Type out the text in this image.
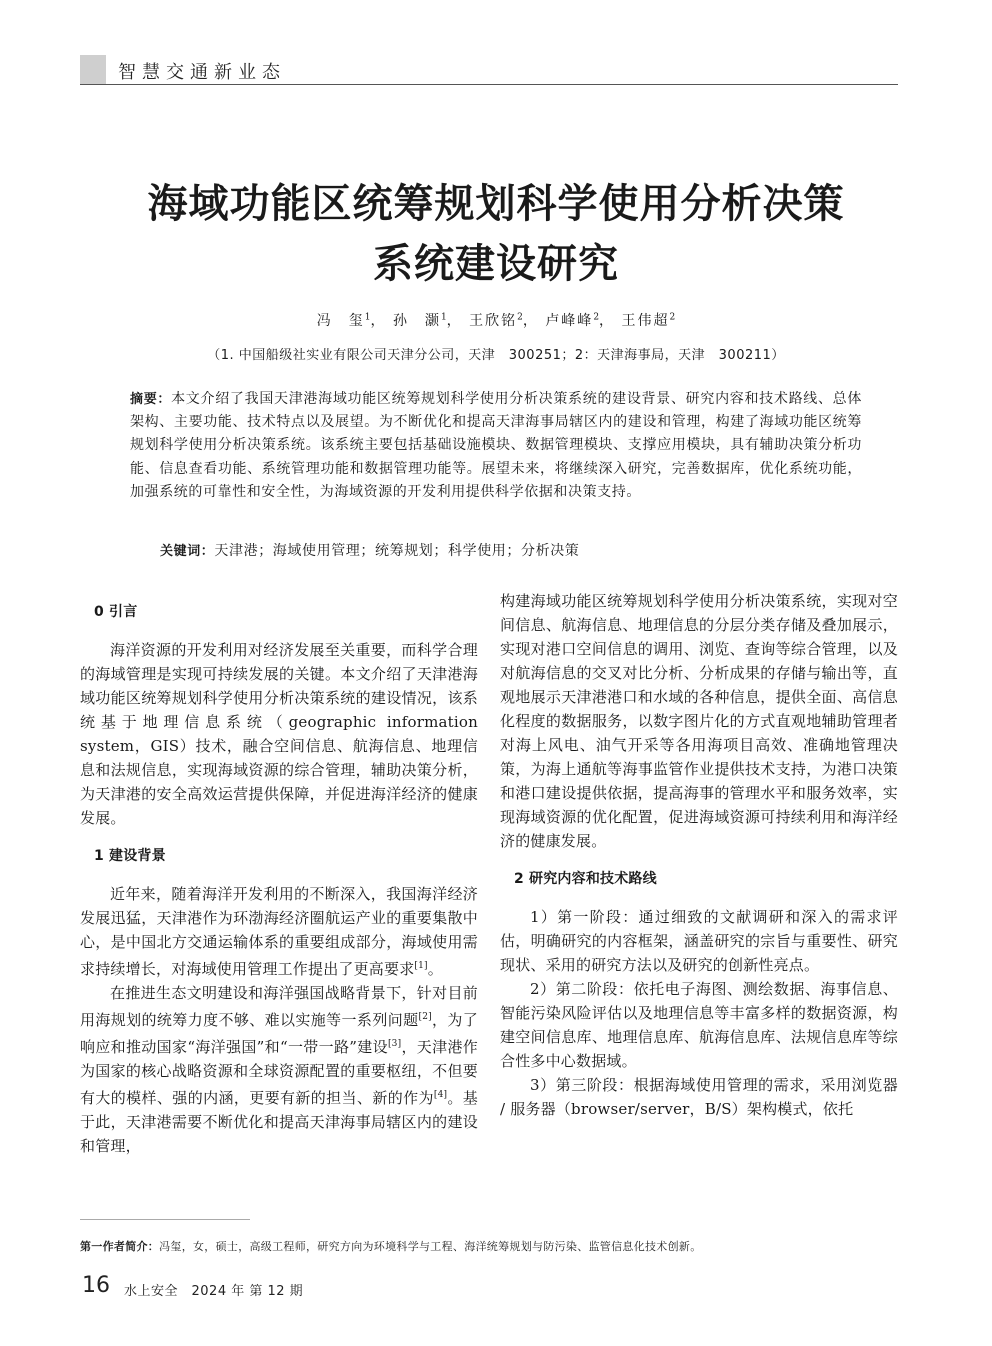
智慧交通新业态
海域功能区统筹规划科学使用分析决策
系统建设研究
冯　玺$^1$， 孙　灏$^1$， 王欣铭$^2$， 卢峰峰$^2$， 王伟超$^2$
（1. 中国船级社实业有限公司天津分公司，天津　300251；2：天津海事局，天津　300211）
摘要：本文介绍了我国天津港海域功能区统筹规划科学使用分析决策系统的建设背景、研究内容和技术路线、总体架构、主要功能、技术特点以及展望。为不断优化和提高天津海事局辖区内的建设和管理，构建了海域功能区统筹规划科学使用分析决策系统。该系统主要包括基础设施模块、数据管理模块、支撑应用模块，具有辅助决策分析功能、信息查看功能、系统管理功能和数据管理功能等。展望未来，将继续深入研究，完善数据库，优化系统功能，加强系统的可靠性和安全性，为海域资源的开发利用提供科学依据和决策支持。
关键词：天津港；海域使用管理；统筹规划；科学使用；分析决策
0 引言

海洋资源的开发利用对经济发展至关重要，而科学合理的海域管理是实现可持续发展的关键。本文介绍了天津港海域功能区统筹规划科学使用分析决策系统的建设情况，该系统基于地理信息系统（geographic information system，GIS）技术，融合空间信息、航海信息、地理信息和法规信息，实现海域资源的综合管理，辅助决策分析，为天津港的安全高效运营提供保障，并促进海洋经济的健康发展。

1 建设背景

近年来，随着海洋开发利用的不断深入，我国海洋经济发展迅猛，天津港作为环渤海经济圈航运产业的重要集散中心，是中国北方交通运输体系的重要组成部分，海域使用需求持续增长，对海域使用管理工作提出了更高要求[1]。

在推进生态文明建设和海洋强国战略背景下，针对目前用海规划的统筹力度不够、难以实施等一系列问题[2]，为了响应和推动国家“海洋强国”和“一带一路”建设[3]，天津港作为国家的核心战略资源和全球资源配置的重要枢纽，不但要有大的模样、强的内涵，更要有新的担当、新的作为[4]。基于此，天津港需要不断优化和提高天津海事局辖区内的建设和管理，

构建海域功能区统筹规划科学使用分析决策系统，实现对空间信息、航海信息、地理信息的分层分类存储及叠加展示，实现对港口空间信息的调用、浏览、查询等综合管理，以及对航海信息的交叉对比分析、分析成果的存储与输出等，直观地展示天津港港口和水域的各种信息，提供全面、高信息化程度的数据服务，以数字图片化的方式直观地辅助管理者对海上风电、油气开采等各用海项目高效、准确地管理决策，为海上通航等海事监管作业提供技术支持，为港口决策和港口建设提供依据，提高海事的管理水平和服务效率，实现海域资源的优化配置，促进海域资源可持续利用和海洋经济的健康发展。

2 研究内容和技术路线

1）第一阶段：通过细致的文献调研和深入的需求评估，明确研究的内容框架，涵盖研究的宗旨与重要性、研究现状、采用的研究方法以及研究的创新性亮点。

2）第二阶段：依托电子海图、测绘数据、海事信息、智能污染风险评估以及地理信息等丰富多样的数据资源，构建空间信息库、地理信息库、航海信息库、法规信息库等综合性多中心数据域。

3）第三阶段：根据海域使用管理的需求，采用浏览器 / 服务器（browser/server，B/S）架构模式，依托

第一作者简介：冯玺，女，硕士，高级工程师，研究方向为环境科学与工程、海洋统筹规划与防污染、监管信息化技术创新。
16 水上安全　2024 年 第 12 期
